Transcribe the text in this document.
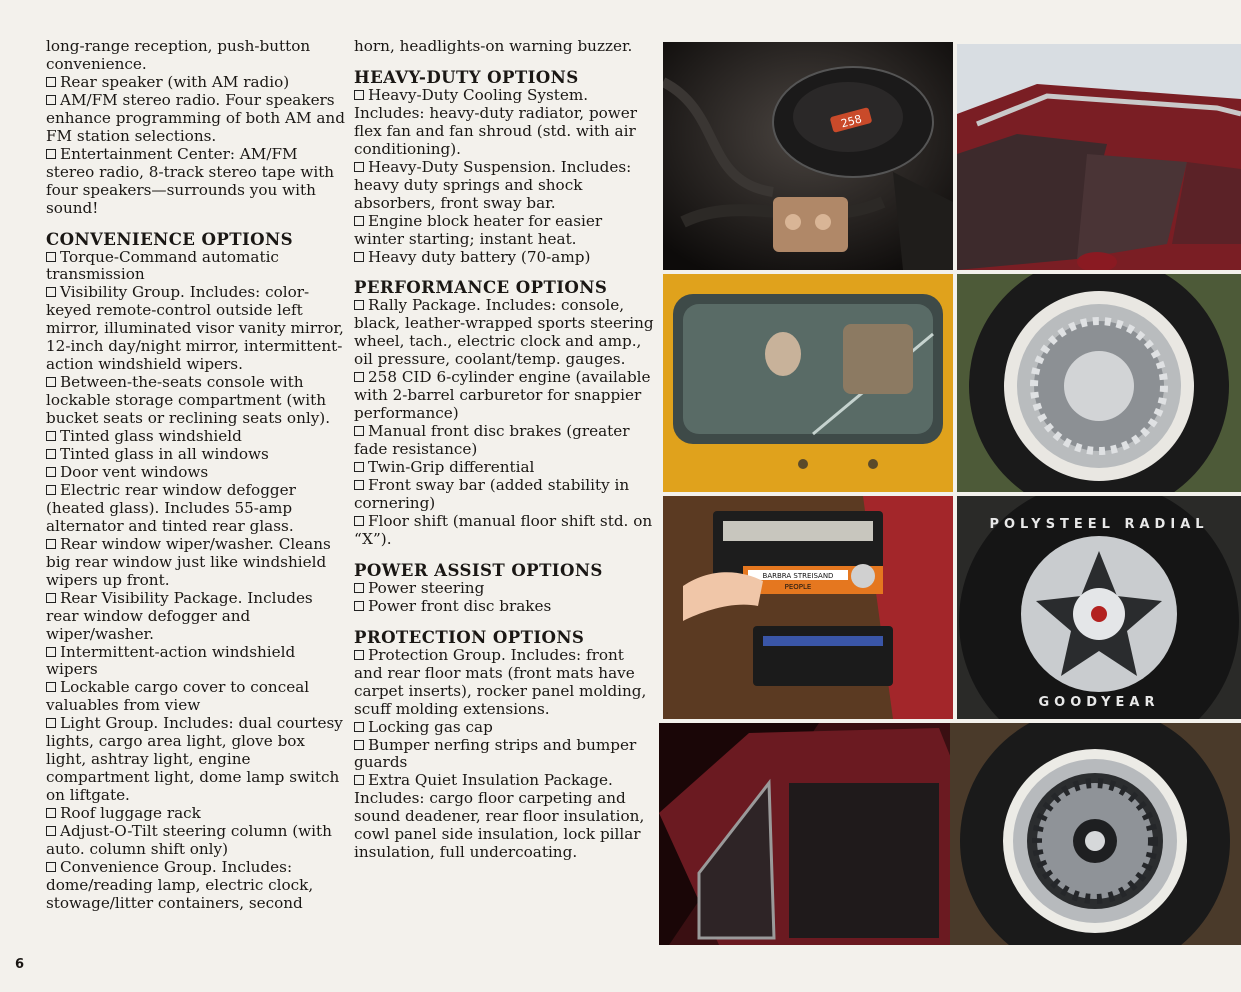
long-range reception, push-button convenience.

Rear speaker (with AM radio)

AM/FM stereo radio. Four speakers enhance programming of both AM and FM station selections.

Entertainment Center: AM/FM stereo radio, 8-track stereo tape with four speakers—surrounds you with sound!

CONVENIENCE OPTIONS

Torque-Command automatic transmission

Visibility Group. Includes: color-keyed remote-control outside left mirror, illuminated visor vanity mirror, 12-inch day/night mirror, intermittent-action windshield wipers.

Between-the-seats console with lockable storage compartment (with bucket seats or reclining seats only).

Tinted glass windshield

Tinted glass in all windows

Door vent windows

Electric rear window defogger (heated glass). Includes 55-amp alternator and tinted rear glass.

Rear window wiper/washer. Cleans big rear window just like windshield wipers up front.

Rear Visibility Package. Includes rear window defogger and wiper/washer.

Intermittent-action windshield wipers

Lockable cargo cover to conceal valuables from view

Light Group. Includes: dual courtesy lights, cargo area light, glove box light, ashtray light, engine compartment light, dome lamp switch on liftgate.

Roof luggage rack

Adjust-O-Tilt steering column (with auto. column shift only)

Convenience Group. Includes: dome/reading lamp, electric clock, stowage/litter containers, second

horn, headlights-on warning buzzer.

HEAVY-DUTY OPTIONS

Heavy-Duty Cooling System. Includes: heavy-duty radiator, power flex fan and fan shroud (std. with air conditioning).

Heavy-Duty Suspension. Includes: heavy duty springs and shock absorbers, front sway bar.

Engine block heater for easier winter starting; instant heat.

Heavy duty battery (70-amp)

PERFORMANCE OPTIONS

Rally Package. Includes: console, black, leather-wrapped sports steering wheel, tach., electric clock and amp., oil pressure, coolant/temp. gauges.

258 CID 6-cylinder engine (available with 2-barrel carburetor for snappier performance)

Manual front disc brakes (greater fade resistance)

Twin-Grip differential

Front sway bar (added stability in cornering)

Floor shift (manual floor shift std. on “X”).

POWER ASSIST OPTIONS

Power steering

Power front disc brakes

PROTECTION OPTIONS

Protection Group. Includes: front and rear floor mats (front mats have carpet inserts), rocker panel molding, scuff molding extensions.

Locking gas cap

Bumper nerfing strips and bumper guards

Extra Quiet Insulation Package. Includes: cargo floor carpeting and sound deadener, rear floor insulation, cowl panel side insulation, lock pillar insulation, full undercoating.

258
BARBRA STREISAND
PEOPLE
POLYSTEEL RADIAL
GOODYEAR
6
